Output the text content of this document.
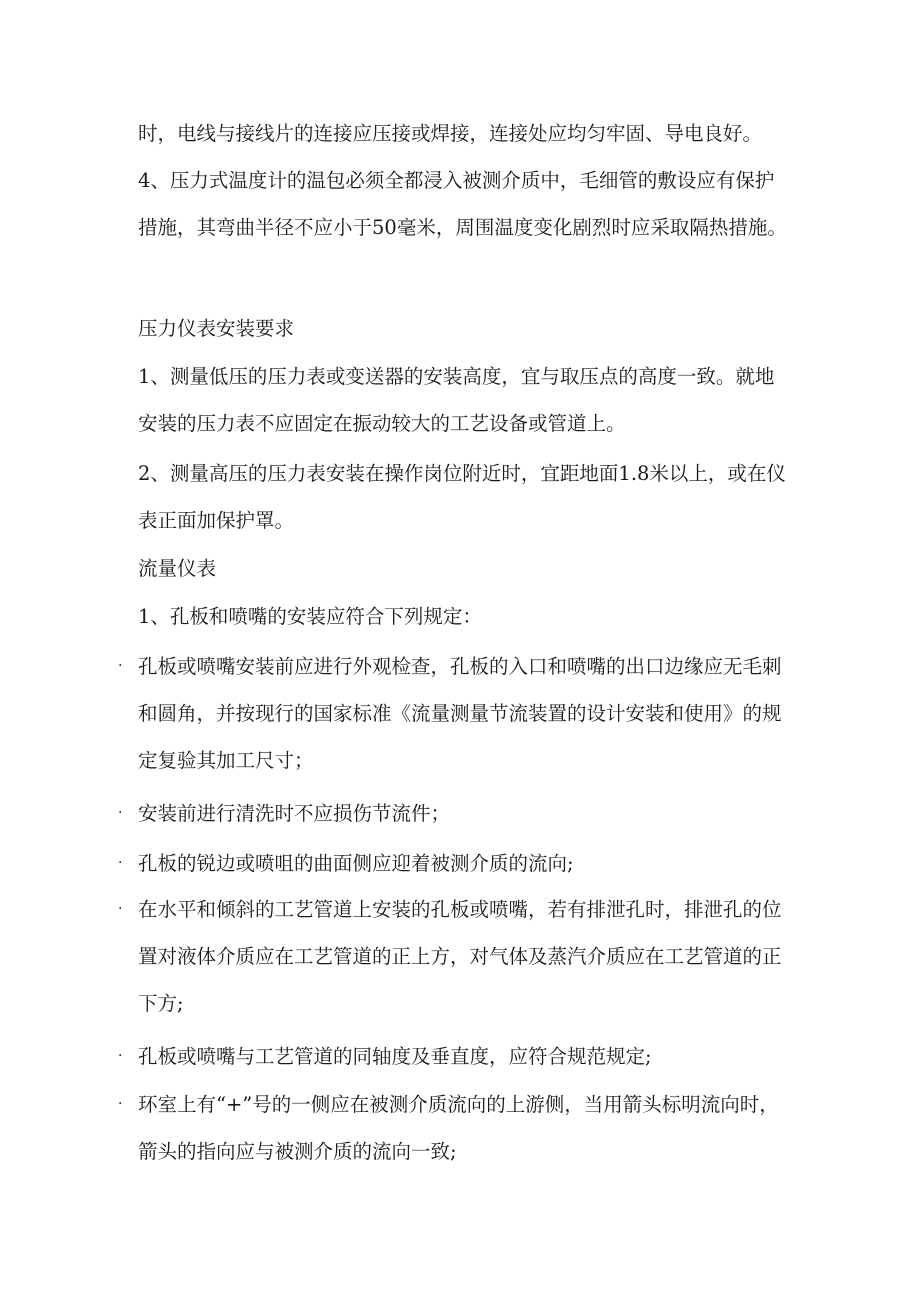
时，电线与接线片的连接应压接或焊接，连接处应均匀牢固、导电良好。

4、压力式温度计的温包必须全都浸入被测介质中，毛细管的敷设应有保护措施，其弯曲半径不应小于50毫米，周围温度变化剧烈时应采取隔热措施。

压力仪表安装要求

1、测量低压的压力表或变送器的安装高度，宜与取压点的高度一致。就地安装的压力表不应固定在振动较大的工艺设备或管道上。

2、测量高压的压力表安装在操作岗位附近时，宜距地面1.8米以上，或在仪表正面加保护罩。

流量仪表

1、孔板和喷嘴的安装应符合下列规定：

· 孔板或喷嘴安装前应进行外观检查，孔板的入口和喷嘴的出口边缘应无毛刺和圆角，并按现行的国家标准《流量测量节流装置的设计安装和使用》的规定复验其加工尺寸；
· 安装前进行清洗时不应损伤节流件；
· 孔板的锐边或喷咀的曲面侧应迎着被测介质的流向;
· 在水平和倾斜的工艺管道上安装的孔板或喷嘴，若有排泄孔时，排泄孔的位置对液体介质应在工艺管道的正上方，对气体及蒸汽介质应在工艺管道的正下方;
· 孔板或喷嘴与工艺管道的同轴度及垂直度，应符合规范规定;
· 环室上有“+”号的一侧应在被测介质流向的上游侧，当用箭头标明流向时，箭头的指向应与被测介质的流向一致;
